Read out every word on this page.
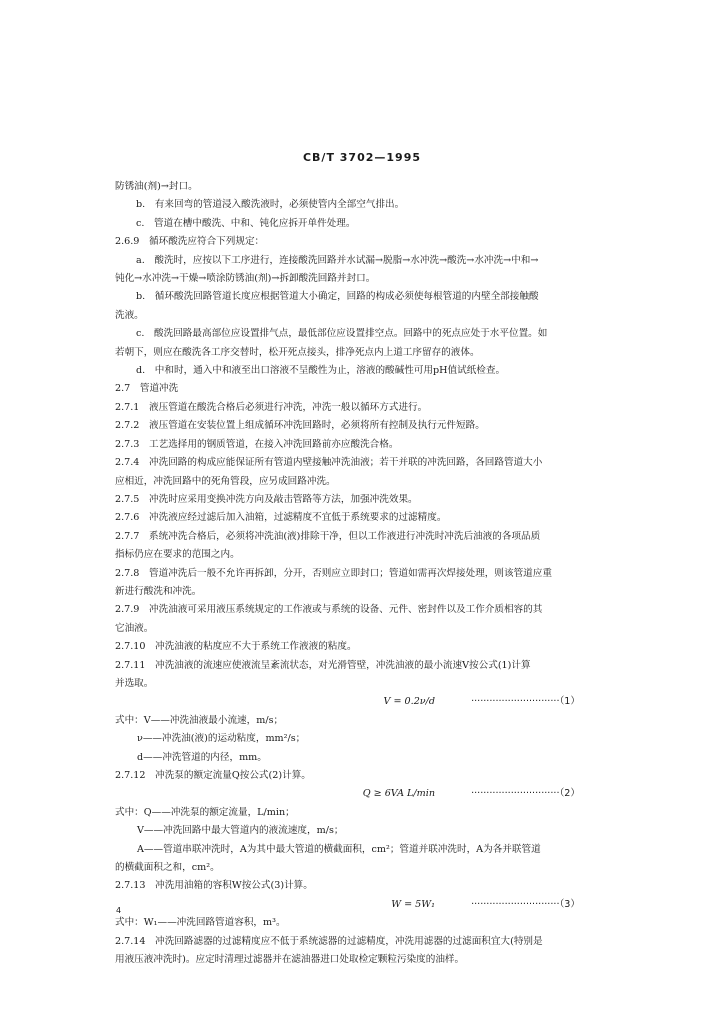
CB/T 3702—1995

防锈油(剂)→封口。

b.　有来回弯的管道浸入酸洗液时，必须使管内全部空气排出。

c.　管道在槽中酸洗、中和、钝化应拆开单件处理。

2.6.9　循环酸洗应符合下列规定：

a.　酸洗时，应按以下工序进行，连接酸洗回路并水试漏→脱脂→水冲洗→酸洗→水冲洗→中和→

钝化→水冲洗→干燥→喷涂防锈油(剂)→拆卸酸洗回路并封口。

b.　循环酸洗回路管道长度应根据管道大小确定，回路的构成必须使每根管道的内壁全部接触酸

洗液。

c.　酸洗回路最高部位应设置排气点，最低部位应设置排空点。回路中的死点应处于水平位置。如

若朝下，则应在酸洗各工序交替时，松开死点接头，排净死点内上道工序留存的液体。

d.　中和时，通入中和液至出口溶液不呈酸性为止，溶液的酸碱性可用pH值试纸检查。

2.7　管道冲洗

2.7.1　液压管道在酸洗合格后必须进行冲洗，冲洗一般以循环方式进行。

2.7.2　液压管道在安装位置上组成循环冲洗回路时，必须将所有控制及执行元件短路。

2.7.3　工艺选择用的钢质管道，在接入冲洗回路前亦应酸洗合格。

2.7.4　冲洗回路的构成应能保证所有管道内壁接触冲洗油液；若干并联的冲洗回路，各回路管道大小

应相近，冲洗回路中的死角管段，应另成回路冲洗。

2.7.5　冲洗时应采用变换冲洗方向及敲击管路等方法，加强冲洗效果。

2.7.6　冲洗液应经过滤后加入油箱，过滤精度不宜低于系统要求的过滤精度。

2.7.7　系统冲洗合格后，必须将冲洗油(液)排除干净，但以工作液进行冲洗时冲洗后油液的各项品质

指标仍应在要求的范围之内。

2.7.8　管道冲洗后一般不允许再拆卸，分开，否则应立即封口；管道如需再次焊接处理，则该管道应重

新进行酸洗和冲洗。

2.7.9　冲洗油液可采用液压系统规定的工作液或与系统的设备、元件、密封件以及工作介质相容的其

它油液。

2.7.10　冲洗油液的粘度应不大于系统工作液液的粘度。

2.7.11　冲洗油液的流速应使液流呈紊流状态，对光滑管壁，冲洗油液的最小流速V按公式(1)计算

并选取。

V = 0.2ν/d	·····························（1）

式中：V——冲洗油液最小流速，m/s；

ν——冲洗油(液)的运动粘度，mm²/s；

d——冲洗管道的内径，mm。

2.7.12　冲洗泵的额定流量Q按公式(2)计算。

Q ≥ 6VA L/min	·····························（2）

式中：Q——冲洗泵的额定流量，L/min；

V——冲洗回路中最大管道内的液流速度，m/s；

A——管道串联冲洗时，A为其中最大管道的横截面积，cm²；管道并联冲洗时，A为各并联管道

的横截面积之和，cm²。

2.7.13　冲洗用油箱的容积W按公式(3)计算。

W = 5W₁	·····························（3）

式中：W₁——冲洗回路管道容积，m³。

2.7.14　冲洗回路滤器的过滤精度应不低于系统滤器的过滤精度，冲洗用滤器的过滤面积宜大(特别是

用液压液冲洗时)。应定时清理过滤器并在滤油器进口处取检定颗粒污染度的油样。

4
